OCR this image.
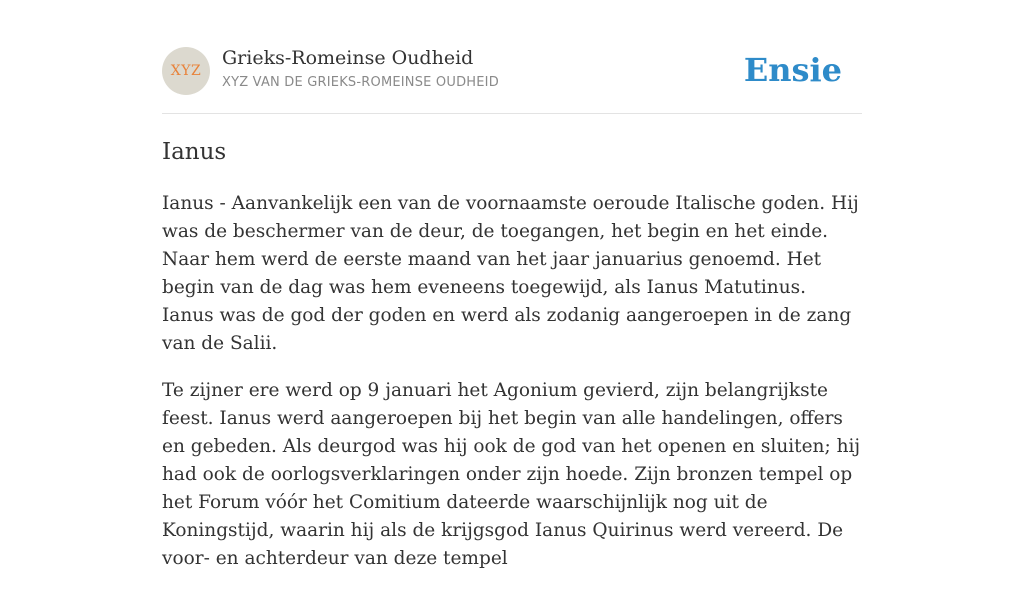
XYZ
Grieks-Romeinse Oudheid
XYZ VAN DE GRIEKS-ROMEINSE OUDHEID	Ensie
Ianus

Ianus - Aanvankelijk een van de voornaamste oeroude Italische goden. Hij was de beschermer van de deur, de toegangen, het begin en het einde. Naar hem werd de eerste maand van het jaar januarius genoemd. Het begin van de dag was hem eveneens toegewijd, als Ianus Matutinus. Ianus was de god der goden en werd als zodanig aangeroepen in de zang van de Salii.

Te zijner ere werd op 9 januari het Agonium gevierd, zijn belangrijkste feest. Ianus werd aangeroepen bij het begin van alle handelingen, offers en gebeden. Als deurgod was hij ook de god van het openen en sluiten; hij had ook de oorlogsverklaringen onder zijn hoede. Zijn bronzen tempel op het Forum vóór het Comitium dateerde waarschijnlijk nog uit de Koningstijd, waarin hij als de krijgsgod Ianus Quirinus werd vereerd. De voor- en achterdeur van deze tempel
